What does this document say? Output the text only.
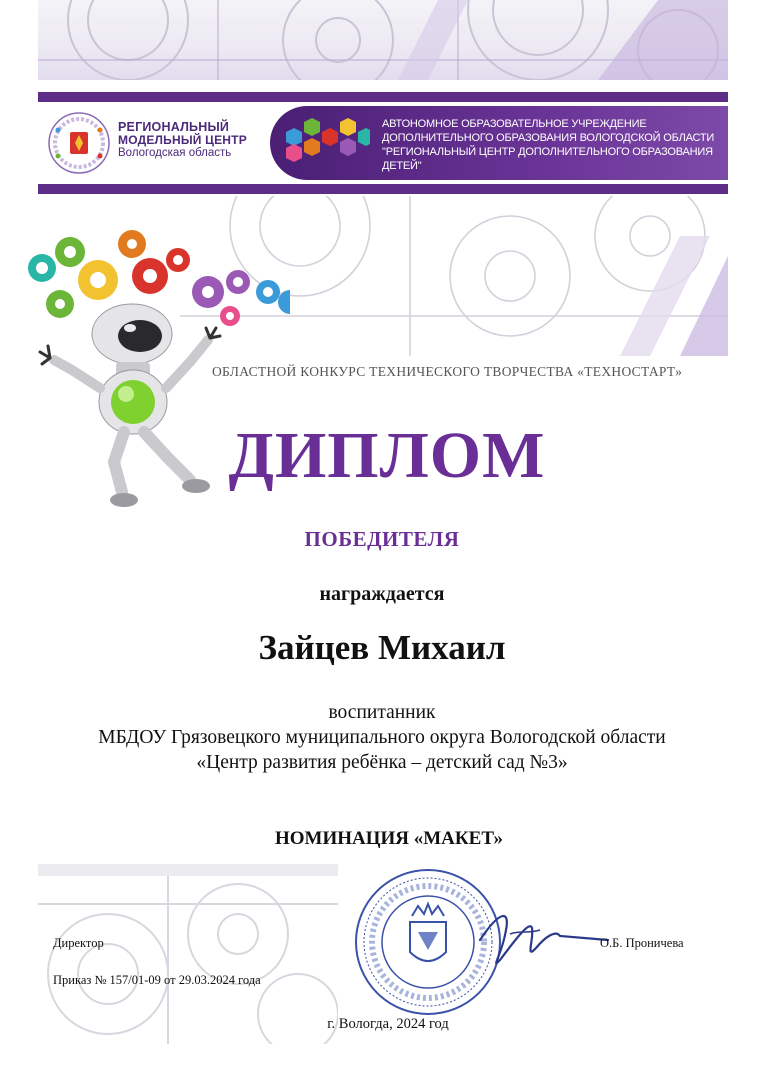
РЕГИОНАЛЬНЫЙ
МОДЕЛЬНЫЙ ЦЕНТР
Вологодская область
АВТОНОМНОЕ ОБРАЗОВАТЕЛЬНОЕ УЧРЕЖДЕНИЕ
ДОПОЛНИТЕЛЬНОГО ОБРАЗОВАНИЯ ВОЛОГОДСКОЙ ОБЛАСТИ
"РЕГИОНАЛЬНЫЙ ЦЕНТР ДОПОЛНИТЕЛЬНОГО ОБРАЗОВАНИЯ ДЕТЕЙ"
ОБЛАСТНОЙ КОНКУРС ТЕХНИЧЕСКОГО ТВОРЧЕСТВА «ТЕХНОСТАРТ»
ДИПЛОМ
ПОБЕДИТЕЛЯ
награждается
Зайцев Михаил
воспитанник
МБДОУ Грязовецкого муниципального округа Вологодской области
«Центр развития ребёнка – детский сад №3»
НОМИНАЦИЯ «МАКЕТ»
Директор
Приказ № 157/01-09 от 29.03.2024 года
О.Б. Проничева
г. Вологда, 2024 год
